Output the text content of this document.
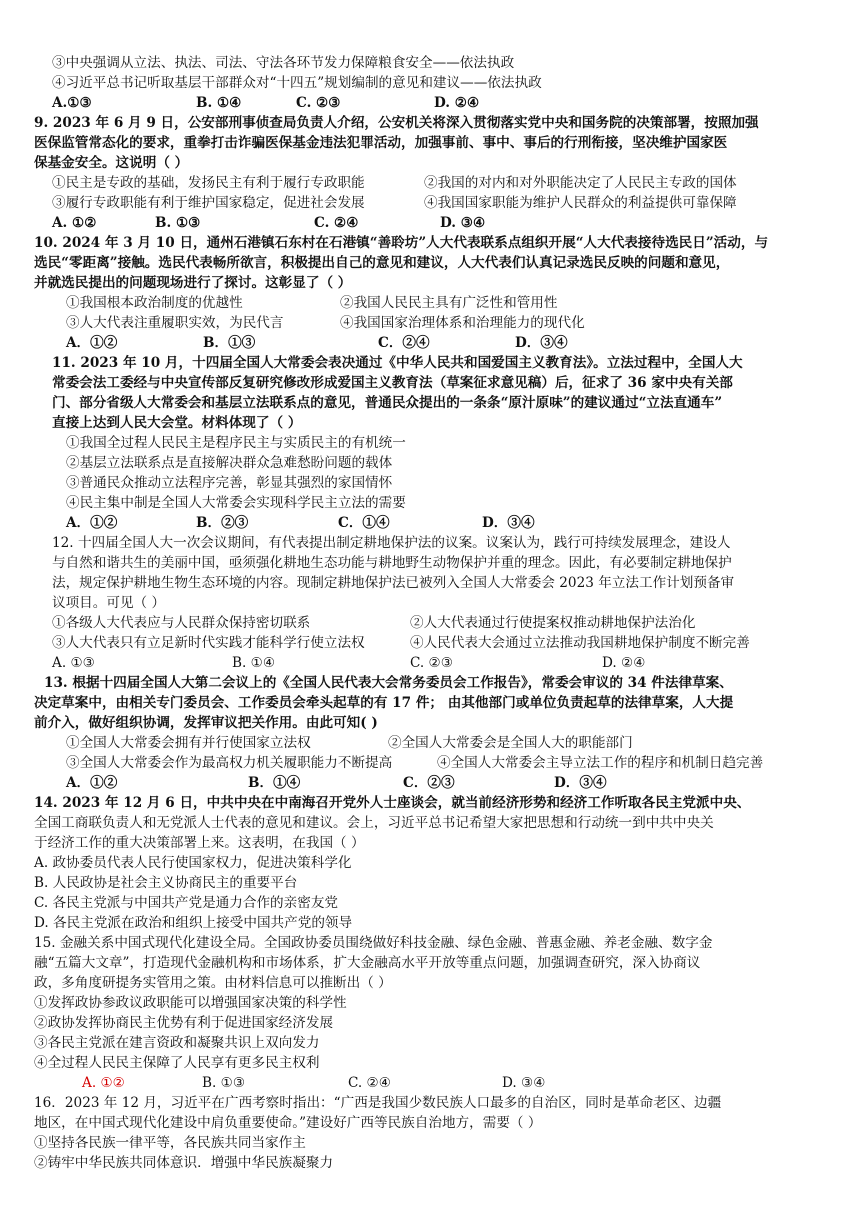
③中央强调从立法、执法、司法、守法各环节发力保障粮食安全——依法执政
④习近平总书记听取基层干部群众对“十四五”规划编制的意见和建议——依法执政
A.①③	B. ①④	C. ②③	D. ②④
9. 2023 年 6 月 9 日，公安部刑事侦查局负责人介绍，公安机关将深入贯彻落实党中央和国务院的决策部署，按照加强
医保监管常态化的要求，重拳打击诈骗医保基金违法犯罪活动，加强事前、事中、事后的行刑衔接，坚决维护国家医
保基金安全。这说明（ ）
①民主是专政的基础，发扬民主有利于履行专政职能	②我国的对内和对外职能决定了人民民主专政的国体
③履行专政职能有利于维护国家稳定，促进社会发展	④我国国家职能为维护人民群众的利益提供可靠保障
A. ①②	B. ①③	C. ②④	D. ③④
10. 2024 年 3 月 10 日，通州石港镇石东村在石港镇“善聆坊”人大代表联系点组织开展“人大代表接待选民日”活动，与
选民“零距离”接触。选民代表畅所欲言，积极提出自己的意见和建议，人大代表们认真记录选民反映的问题和意见，
并就选民提出的问题现场进行了探讨。这彰显了（ ）
①我国根本政治制度的优越性	②我国人民民主具有广泛性和管用性
③人大代表注重履职实效，为民代言	④我国国家治理体系和治理能力的现代化
A．①②	B．①③	C．②④	D．③④
11. 2023 年 10 月，十四届全国人大常委会表决通过《中华人民共和国爱国主义教育法》。立法过程中，全国人大
常委会法工委经与中央宣传部反复研究修改形成爱国主义教育法（草案征求意见稿）后，征求了 36 家中央有关部
门、部分省级人大常委会和基层立法联系点的意见，普通民众提出的一条条“原汁原味”的建议通过“立法直通车”
直接上达到人民大会堂。材料体现了（ ）
①我国全过程人民民主是程序民主与实质民主的有机统一
②基层立法联系点是直接解决群众急难愁盼问题的载体
③普通民众推动立法程序完善，彰显其强烈的家国情怀
④民主集中制是全国人大常委会实现科学民主立法的需要
A．①②	B．②③	C．①④	D．③④
12. 十四届全国人大一次会议期间，有代表提出制定耕地保护法的议案。议案认为，践行可持续发展理念，建设人
与自然和谐共生的美丽中国，亟须强化耕地生态功能与耕地野生动物保护并重的理念。因此，有必要制定耕地保护
法，规定保护耕地生物生态环境的内容。现制定耕地保护法已被列入全国人大常委会 2023 年立法工作计划预备审
议项目。可见（ ）
①各级人大代表应与人民群众保持密切联系	②人大代表通过行使提案权推动耕地保护法治化
③人大代表只有立足新时代实践才能科学行使立法权	④人民代表大会通过立法推动我国耕地保护制度不断完善
A. ①③	B. ①④	C. ②③	D. ②④
13. 根据十四届全国人大第二会议上的《全国人民代表大会常务委员会工作报告》，常委会审议的 34 件法律草案、
决定草案中，由相关专门委员会、工作委员会牵头起草的有 17 件； 由其他部门或单位负责起草的法律草案，人大提
前介入，做好组织协调，发挥审议把关作用。由此可知( )
①全国人大常委会拥有并行使国家立法权	②全国人大常委会是全国人大的职能部门
③全国人大常委会作为最高权力机关履职能力不断提高	④全国人大常委会主导立法工作的程序和机制日趋完善
A．①②	B．①④	C．②③	D．③④
14. 2023 年 12 月 6 日，中共中央在中南海召开党外人士座谈会，就当前经济形势和经济工作听取各民主党派中央、
全国工商联负责人和无党派人士代表的意见和建议。会上，习近平总书记希望大家把思想和行动统一到中共中央关
于经济工作的重大决策部署上来。这表明，在我国（ ）
A. 政协委员代表人民行使国家权力，促进决策科学化
B. 人民政协是社会主义协商民主的重要平台
C. 各民主党派与中国共产党是通力合作的亲密友党
D. 各民主党派在政治和组织上接受中国共产党的领导
15. 金融关系中国式现代化建设全局。全国政协委员围绕做好科技金融、绿色金融、普惠金融、养老金融、数字金
融“五篇大文章”，打造现代金融机构和市场体系，扩大金融高水平开放等重点问题，加强调查研究，深入协商议
政，多角度研提务实管用之策。由材料信息可以推断出（ ）
①发挥政协参政议政职能可以增强国家决策的科学性
②政协发挥协商民主优势有利于促进国家经济发展
③各民主党派在建言资政和凝聚共识上双向发力
④全过程人民民主保障了人民享有更多民主权利
A. ①②	B. ①③	C. ②④	D. ③④
16．2023 年 12 月，习近平在广西考察时指出：“广西是我国少数民族人口最多的自治区，同时是革命老区、边疆
地区，在中国式现代化建设中肩负重要使命。”建设好广西等民族自治地方，需要（ ）
①坚持各民族一律平等，各民族共同当家作主
②铸牢中华民族共同体意识．增强中华民族凝聚力
